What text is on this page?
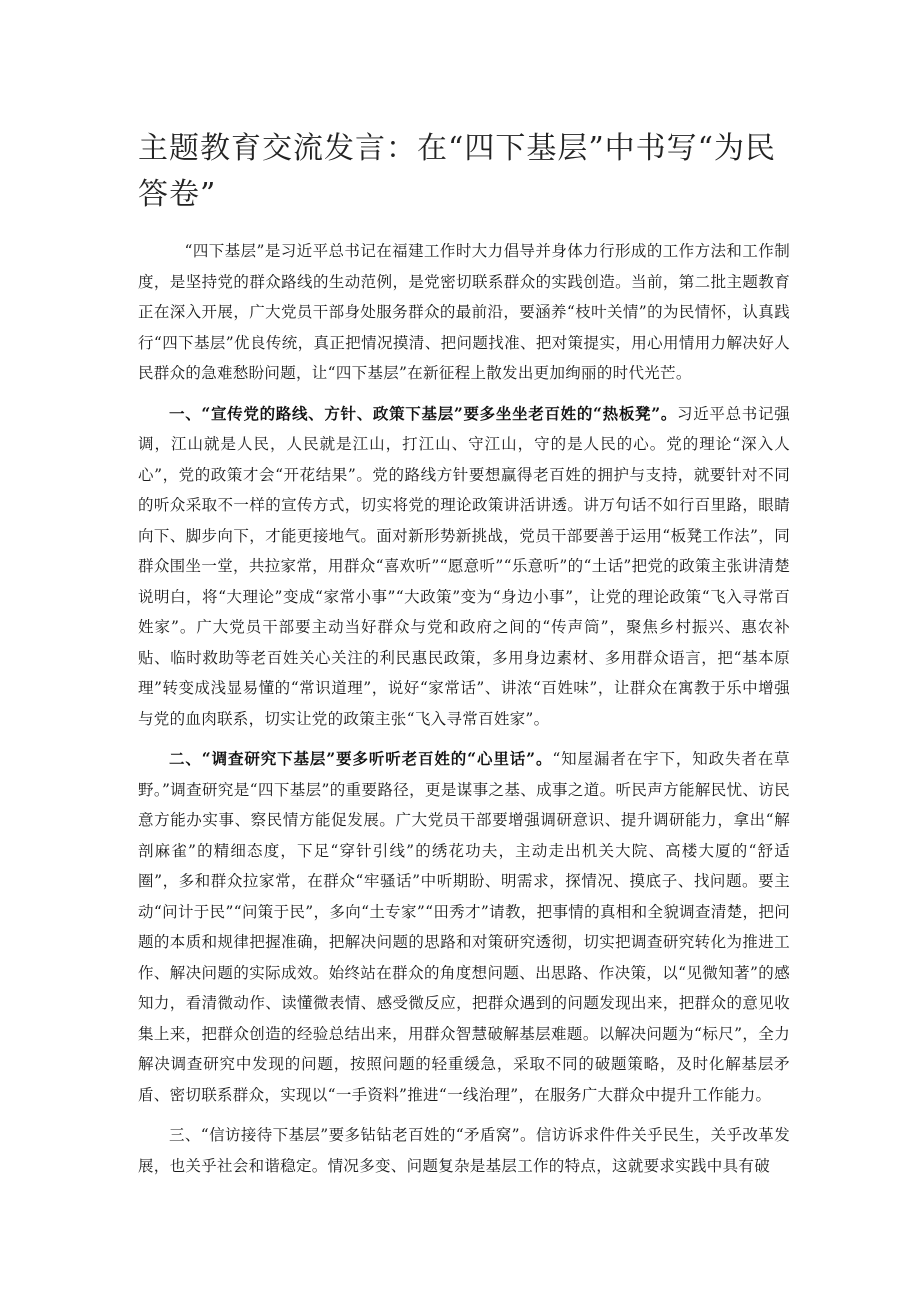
主题教育交流发言：在“四下基层”中书写“为民答卷”

“四下基层”是习近平总书记在福建工作时大力倡导并身体力行形成的工作方法和工作制度，是坚持党的群众路线的生动范例，是党密切联系群众的实践创造。当前，第二批主题教育正在深入开展，广大党员干部身处服务群众的最前沿，要涵养“枝叶关情”的为民情怀，认真践行“四下基层”优良传统，真正把情况摸清、把问题找准、把对策提实，用心用情用力解决好人民群众的急难愁盼问题，让“四下基层”在新征程上散发出更加绚丽的时代光芒。

一、“宣传党的路线、方针、政策下基层”要多坐坐老百姓的“热板凳”。习近平总书记强调，江山就是人民，人民就是江山，打江山、守江山，守的是人民的心。党的理论“深入人心”，党的政策才会“开花结果”。党的路线方针要想赢得老百姓的拥护与支持，就要针对不同的听众采取不一样的宣传方式，切实将党的理论政策讲活讲透。讲万句话不如行百里路，眼睛向下、脚步向下，才能更接地气。面对新形势新挑战，党员干部要善于运用“板凳工作法”，同群众围坐一堂，共拉家常，用群众“喜欢听”“愿意听”“乐意听”的“土话”把党的政策主张讲清楚说明白，将“大理论”变成“家常小事”“大政策”变为“身边小事”，让党的理论政策“飞入寻常百姓家”。广大党员干部要主动当好群众与党和政府之间的“传声筒”，聚焦乡村振兴、惠农补贴、临时救助等老百姓关心关注的利民惠民政策，多用身边素材、多用群众语言，把“基本原理”转变成浅显易懂的“常识道理”，说好“家常话”、讲浓“百姓味”，让群众在寓教于乐中增强与党的血肉联系，切实让党的政策主张“飞入寻常百姓家”。

二、“调查研究下基层”要多听听老百姓的“心里话”。“知屋漏者在宇下，知政失者在草野。”调查研究是“四下基层”的重要路径，更是谋事之基、成事之道。听民声方能解民忧、访民意方能办实事、察民情方能促发展。广大党员干部要增强调研意识、提升调研能力，拿出“解剖麻雀”的精细态度，下足“穿针引线”的绣花功夫，主动走出机关大院、高楼大厦的“舒适圈”，多和群众拉家常，在群众“牢骚话”中听期盼、明需求，探情况、摸底子、找问题。要主动“问计于民”“问策于民”，多向“土专家”“田秀才”请教，把事情的真相和全貌调查清楚，把问题的本质和规律把握准确，把解决问题的思路和对策研究透彻，切实把调查研究转化为推进工作、解决问题的实际成效。始终站在群众的角度想问题、出思路、作决策，以“见微知著”的感知力，看清微动作、读懂微表情、感受微反应，把群众遇到的问题发现出来，把群众的意见收集上来，把群众创造的经验总结出来，用群众智慧破解基层难题。以解决问题为“标尺”，全力解决调查研究中发现的问题，按照问题的轻重缓急，采取不同的破题策略，及时化解基层矛盾、密切联系群众，实现以“一手资料”推进“一线治理”，在服务广大群众中提升工作能力。

三、“信访接待下基层”要多钻钻老百姓的“矛盾窝”。信访诉求件件关乎民生，关乎改革发展，也关乎社会和谐稳定。情况多变、问题复杂是基层工作的特点，这就要求实践中具有破
